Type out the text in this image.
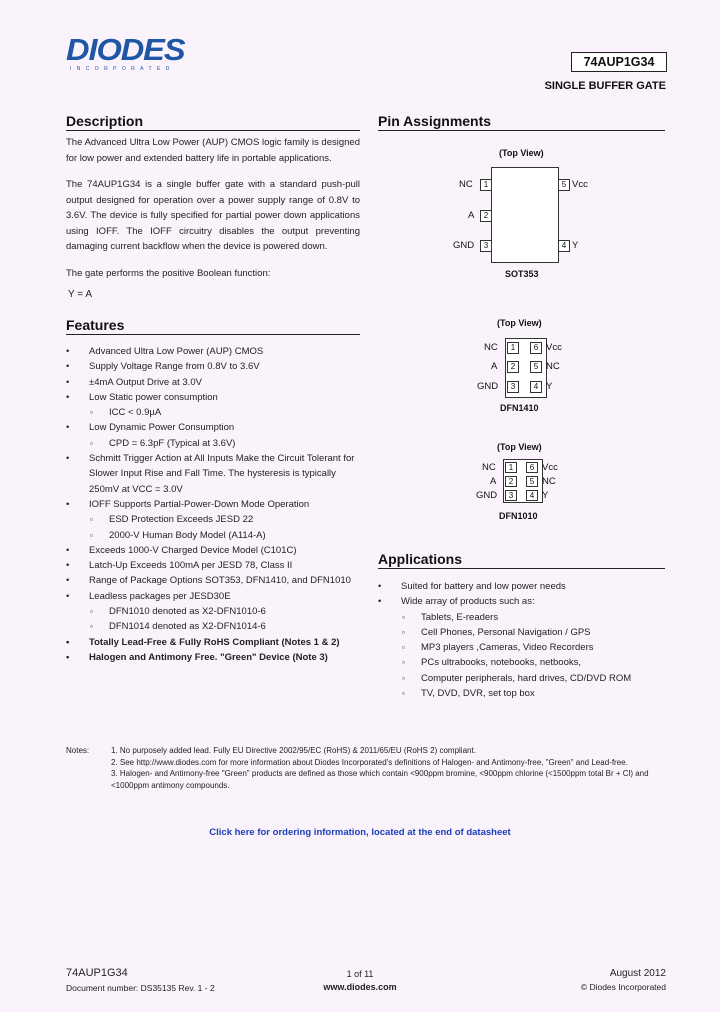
DIODES
INCORPORATED	74AUP1G34
SINGLE BUFFER GATE
Description
The Advanced Ultra Low Power (AUP) CMOS logic family is designed for low power and extended battery life in portable applications.
The 74AUP1G34 is a single buffer gate with a standard push-pull output designed for operation over a power supply range of 0.8V to 3.6V. The device is fully specified for partial power down applications using IOFF. The IOFF circuitry disables the output preventing damaging current backflow when the device is powered down.
The gate performs the positive Boolean function:
Y = A
Features
• Advanced Ultra Low Power (AUP) CMOS
• Supply Voltage Range from 0.8V to 3.6V
• ±4mA Output Drive at 3.0V
• Low Static power consumption
▫ ICC < 0.9µA
• Low Dynamic Power Consumption
▫ CPD = 6.3pF (Typical at 3.6V)
• Schmitt Trigger Action at All Inputs Make the Circuit Tolerant for Slower Input Rise and Fall Time. The hysteresis is typically 250mV at VCC = 3.0V
• IOFF Supports Partial-Power-Down Mode Operation
▫ ESD Protection Exceeds JESD 22
▫ 2000-V Human Body Model (A114-A)
• Exceeds 1000-V Charged Device Model (C101C)
• Latch-Up Exceeds 100mA per JESD 78, Class II
• Range of Package Options SOT353, DFN1410, and DFN1010
• Leadless packages per JESD30E
▫ DFN1010 denoted as X2-DFN1010-6
▫ DFN1014 denoted as X2-DFN1014-6
• Totally Lead-Free & Fully RoHS Compliant (Notes 1 & 2)
• Halogen and Antimony Free. "Green" Device (Note 3)
Pin Assignments
(Top View)
1
2
3
5
4
NC
A
GND
Vcc
Y
SOT353
(Top View)
1
2
3
6
5
4
NC
A
GND
Vcc
NC
Y
DFN1410
(Top View)
1
2
3
6
5
4
NC
A
GND
Vcc
NC
Y
DFN1010
Applications
• Suited for battery and low power needs
• Wide array of products such as:
▫ Tablets, E-readers
▫ Cell Phones, Personal Navigation / GPS
▫ MP3 players ,Cameras, Video Recorders
▫ PCs ultrabooks, notebooks, netbooks,
▫ Computer peripherals, hard drives, CD/DVD ROM
▫ TV, DVD, DVR, set top box
Notes:	1. No purposely added lead. Fully EU Directive 2002/95/EC (RoHS) & 2011/65/EU (RoHS 2) compliant.
2. See http://www.diodes.com for more information about Diodes Incorporated's definitions of Halogen- and Antimony-free, "Green" and Lead-free.
3. Halogen- and Antimony-free "Green" products are defined as those which contain <900ppm bromine, <900ppm chlorine (<1500ppm total Br + Cl) and <1000ppm antimony compounds.
Click here for ordering information, located at the end of datasheet
74AUP1G34
Document number: DS35135 Rev. 1 - 2
1 of 11
www.diodes.com
August 2012
© Diodes Incorporated
